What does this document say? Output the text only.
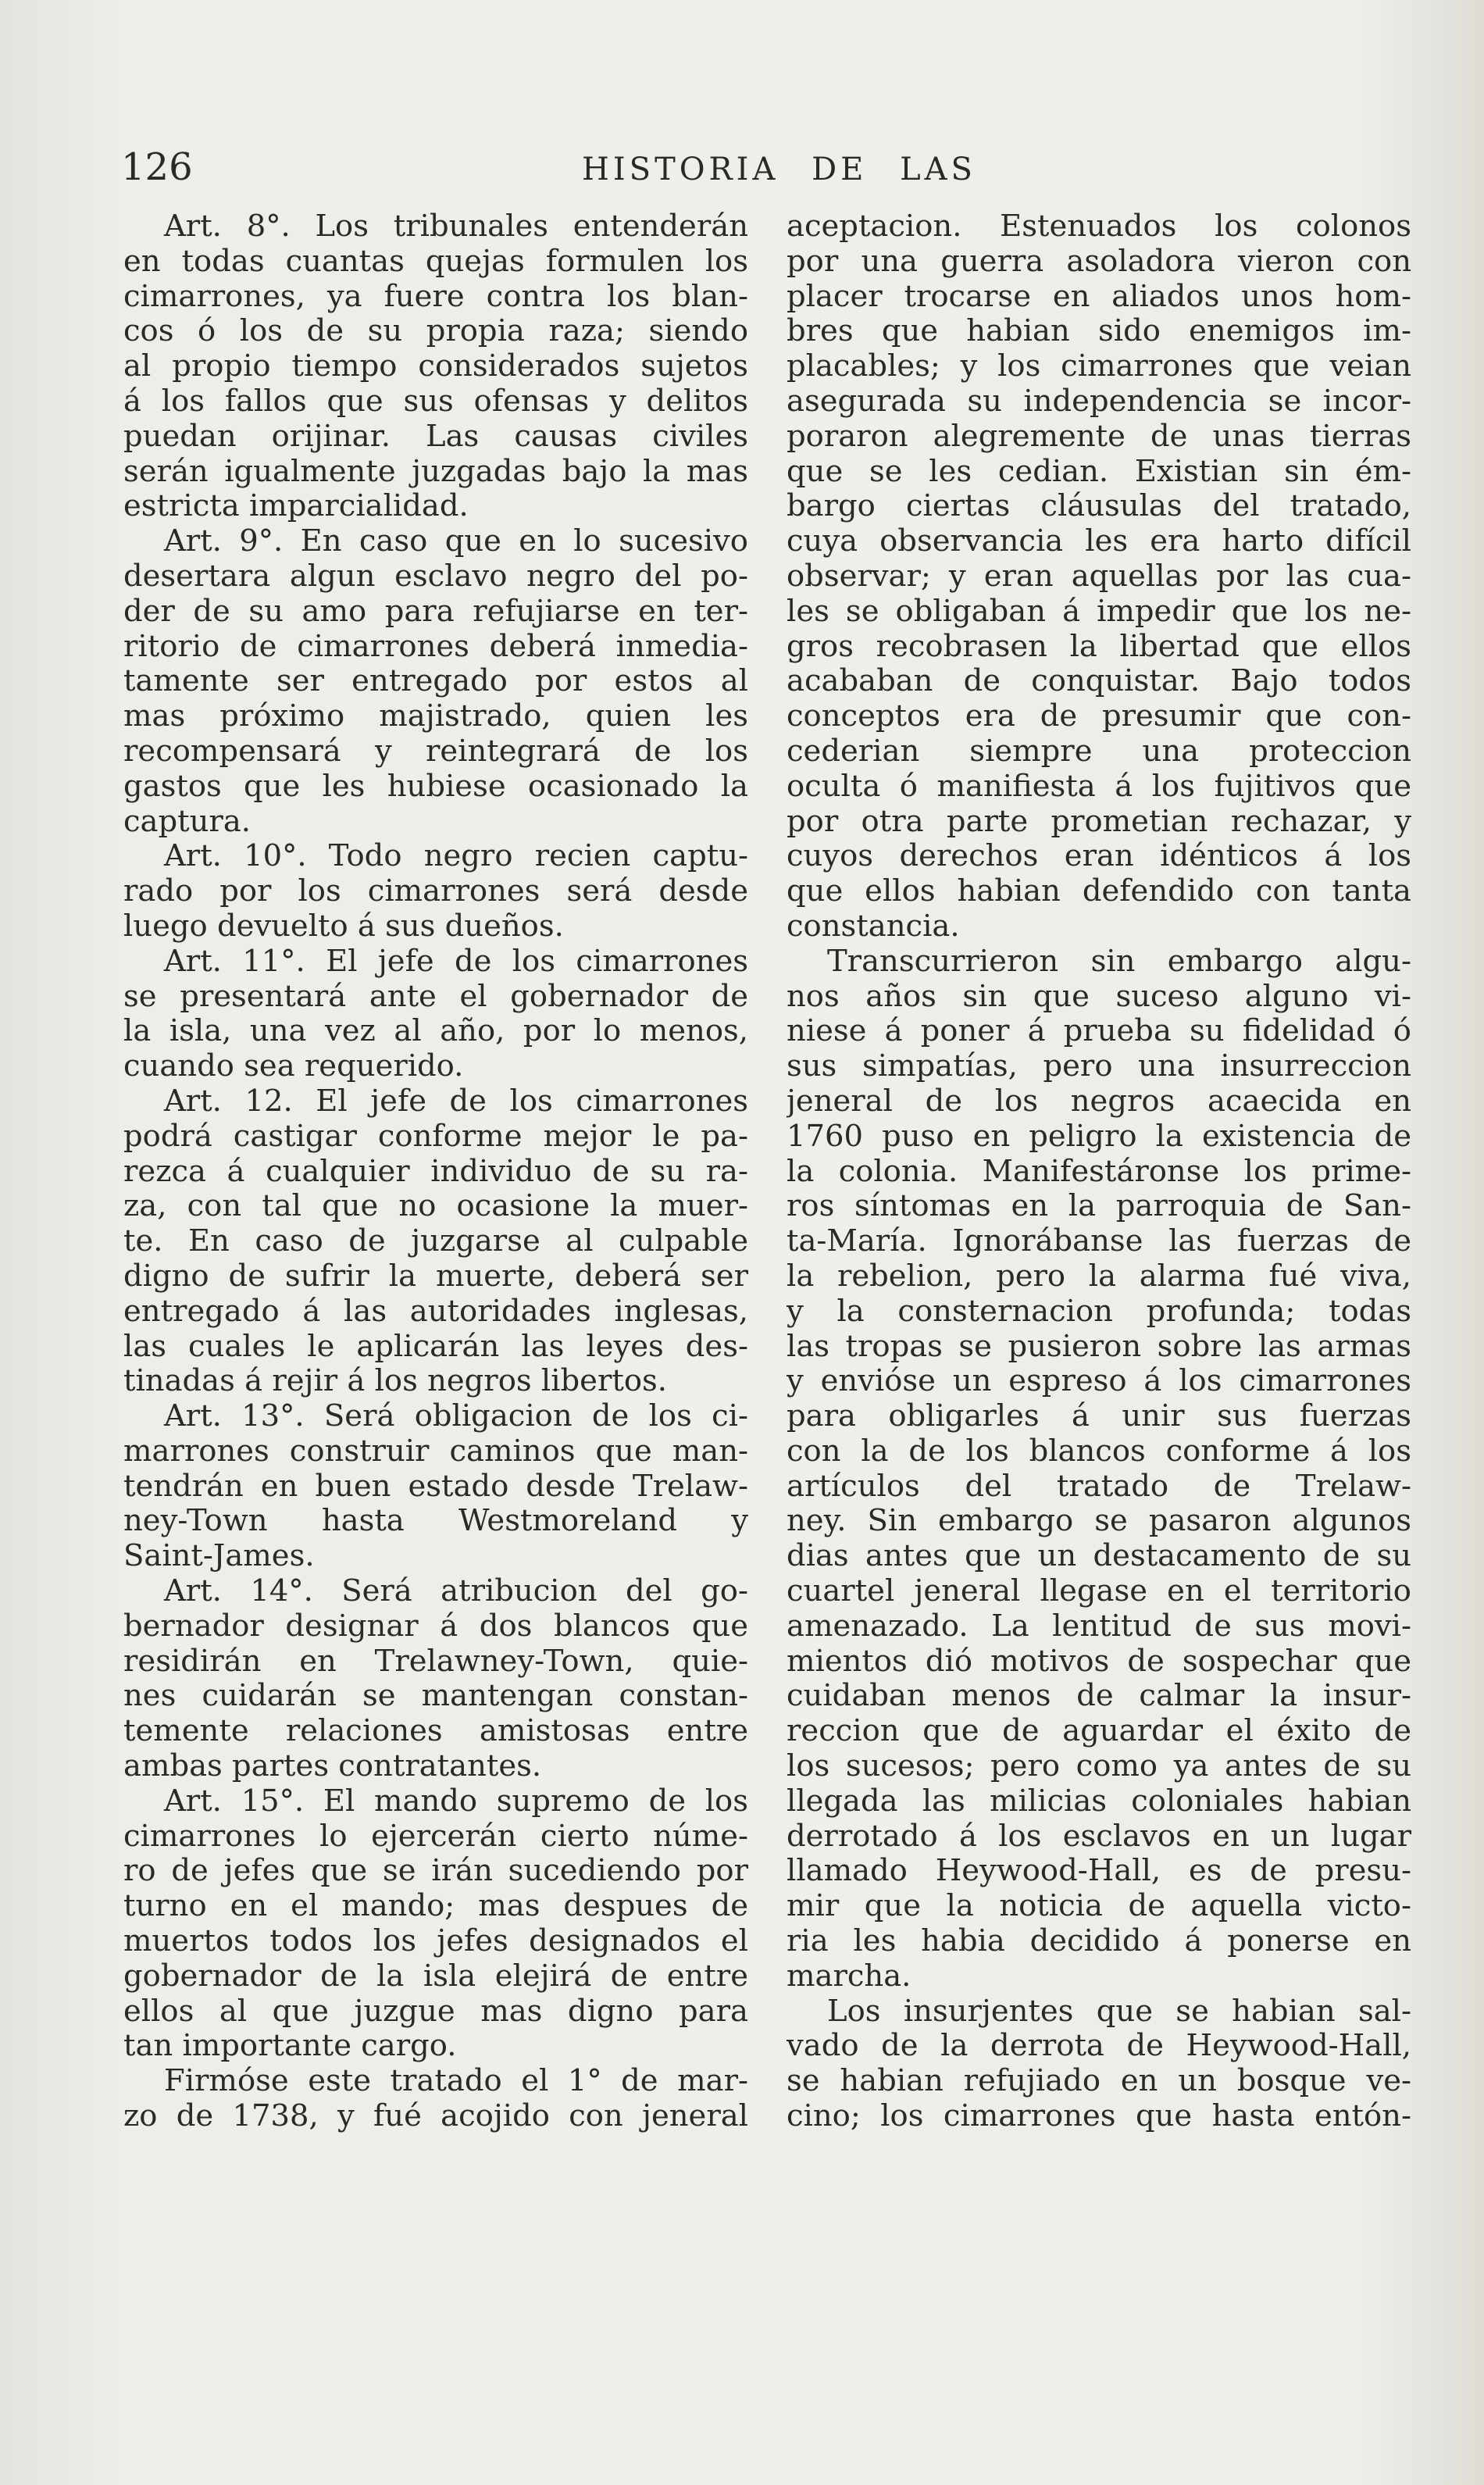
126	HISTORIA DE LAS
Art. 8°. Los tribunales entenderán
en todas cuantas quejas formulen los
cimarrones, ya fuere contra los blan-
cos ó los de su propia raza; siendo
al propio tiempo considerados sujetos
á los fallos que sus ofensas y delitos
puedan orijinar. Las causas civiles
serán igualmente juzgadas bajo la mas
estricta imparcialidad.
Art. 9°. En caso que en lo sucesivo
desertara algun esclavo negro del po-
der de su amo para refujiarse en ter-
ritorio de cimarrones deberá inmedia-
tamente ser entregado por estos al
mas próximo majistrado, quien les
recompensará y reintegrará de los
gastos que les hubiese ocasionado la
captura.
Art. 10°. Todo negro recien captu-
rado por los cimarrones será desde
luego devuelto á sus dueños.
Art. 11°. El jefe de los cimarrones
se presentará ante el gobernador de
la isla, una vez al año, por lo menos,
cuando sea requerido.
Art. 12. El jefe de los cimarrones
podrá castigar conforme mejor le pa-
rezca á cualquier individuo de su ra-
za, con tal que no ocasione la muer-
te. En caso de juzgarse al culpable
digno de sufrir la muerte, deberá ser
entregado á las autoridades inglesas,
las cuales le aplicarán las leyes des-
tinadas á rejir á los negros libertos.
Art. 13°. Será obligacion de los ci-
marrones construir caminos que man-
tendrán en buen estado desde Trelaw-
ney-Town hasta Westmoreland y
Saint-James.
Art. 14°. Será atribucion del go-
bernador designar á dos blancos que
residirán en Trelawney-Town, quie-
nes cuidarán se mantengan constan-
temente relaciones amistosas entre
ambas partes contratantes.
Art. 15°. El mando supremo de los
cimarrones lo ejercerán cierto núme-
ro de jefes que se irán sucediendo por
turno en el mando; mas despues de
muertos todos los jefes designados el
gobernador de la isla elejirá de entre
ellos al que juzgue mas digno para
tan importante cargo.
Firmóse este tratado el 1° de mar-
zo de 1738, y fué acojido con jeneral
aceptacion. Estenuados los colonos
por una guerra asoladora vieron con
placer trocarse en aliados unos hom-
bres que habian sido enemigos im-
placables; y los cimarrones que veian
asegurada su independencia se incor-
poraron alegremente de unas tierras
que se les cedian. Existian sin ém-
bargo ciertas cláusulas del tratado,
cuya observancia les era harto difícil
observar; y eran aquellas por las cua-
les se obligaban á impedir que los ne-
gros recobrasen la libertad que ellos
acababan de conquistar. Bajo todos
conceptos era de presumir que con-
cederian siempre una proteccion
oculta ó manifiesta á los fujitivos que
por otra parte prometian rechazar, y
cuyos derechos eran idénticos á los
que ellos habian defendido con tanta
constancia.
Transcurrieron sin embargo algu-
nos años sin que suceso alguno vi-
niese á poner á prueba su fidelidad ó
sus simpatías, pero una insurreccion
jeneral de los negros acaecida en
1760 puso en peligro la existencia de
la colonia. Manifestáronse los prime-
ros síntomas en la parroquia de San-
ta-María. Ignorábanse las fuerzas de
la rebelion, pero la alarma fué viva,
y la consternacion profunda; todas
las tropas se pusieron sobre las armas
y envióse un espreso á los cimarrones
para obligarles á unir sus fuerzas
con la de los blancos conforme á los
artículos del tratado de Trelaw-
ney. Sin embargo se pasaron algunos
dias antes que un destacamento de su
cuartel jeneral llegase en el territorio
amenazado. La lentitud de sus movi-
mientos dió motivos de sospechar que
cuidaban menos de calmar la insur-
reccion que de aguardar el éxito de
los sucesos; pero como ya antes de su
llegada las milicias coloniales habian
derrotado á los esclavos en un lugar
llamado Heywood-Hall, es de presu-
mir que la noticia de aquella victo-
ria les habia decidido á ponerse en
marcha.
Los insurjentes que se habian sal-
vado de la derrota de Heywood-Hall,
se habian refujiado en un bosque ve-
cino; los cimarrones que hasta entón-
